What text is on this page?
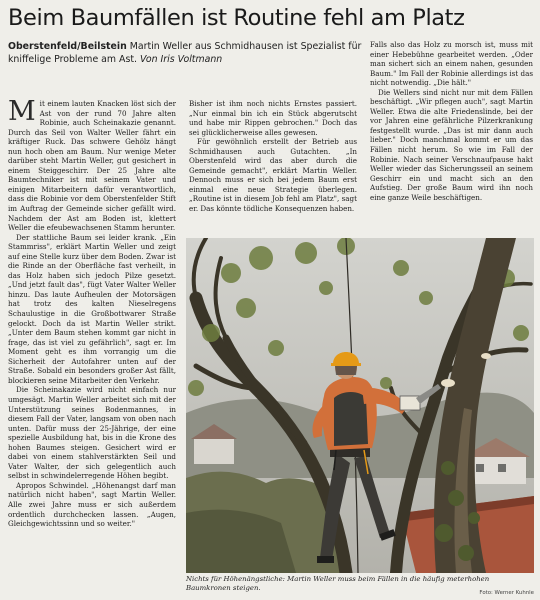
Beim Baumfällen ist Routine fehl am Platz
Oberstenfeld/Beilstein Martin Weller aus Schmidhausen ist Spezialist für kniffelige Probleme am Ast. Von Iris Voltmann

Mit einem lauten Knacken löst sich der Ast von der rund 70 Jahre alten Robinie, auch Scheinakazie genannt. Durch das Seil von Walter Weller fährt ein kräftiger Ruck. Das schwere Gehölz hängt nun hoch oben am Baum. Nur wenige Meter darüber steht Martin Weller, gut gesichert in einem Steiggeschirr. Der 25 Jahre alte Baumtechniker ist mit seinem Vater und einigen Mitarbeitern dafür verantwortlich, dass die Robinie vor dem Oberstenfelder Stift im Auftrag der Gemeinde sicher gefällt wird. Nachdem der Ast am Boden ist, klettert Weller die efeubewachsenen Stamm herunter.

Der stattliche Baum sei leider krank. „Ein Stammriss", erklärt Martin Weller und zeigt auf eine Stelle kurz über dem Boden. Zwar ist die Rinde an der Oberfläche fast verheilt, in das Holz haben sich jedoch Pilze gesetzt. „Und jetzt fault das", fügt Vater Walter Weller hinzu. Das laute Aufheulen der Motorsägen hat trotz des kalten Nieselregens Schaulustige in die Großbottwarer Straße gelockt. Doch da ist Martin Weller strikt. „Unter dem Baum stehen kommt gar nicht in frage, das ist viel zu gefährlich", sagt er. Im Moment geht es ihm vorrangig um die Sicherheit der Autofahrer unten auf der Straße. Sobald ein besonders großer Ast fällt, blockieren seine Mitarbeiter den Verkehr.

Die Scheinakazie wird nicht einfach nur umgesägt. Martin Weller arbeitet sich mit der Unterstützung seines Bodenmannes, in diesem Fall der Vater, langsam von oben nach unten. Dafür muss der 25-Jährige, der eine spezielle Ausbildung hat, bis in die Krone des hohen Baumes steigen. Gesichert wird er dabei von einem stahlverstärkten Seil und Vater Walter, der sich gelegentlich auch selbst in schwindelerregende Höhen begibt.

Apropos Schwindel. „Höhenangst darf man natürlich nicht haben", sagt Martin Weller. Alle zwei Jahre muss er sich außerdem ordentlich durchchecken lassen. „Augen, Gleichgewichtssinn und so weiter."

Bisher ist ihm noch nichts Ernstes passiert. „Nur einmal bin ich ein Stück abgerutscht und habe mir Rippen gebrochen." Doch das sei glücklicherweise alles gewesen.

Für gewöhnlich erstellt der Betrieb aus Schmidhausen auch Gutachten. „In Oberstenfeld wird das aber durch die Gemeinde gemacht", erklärt Martin Weller. Dennoch muss er sich bei jedem Baum erst einmal eine neue Strategie überlegen. „Routine ist in diesem Job fehl am Platz", sagt er. Das könnte tödliche Konsequenzen haben.

Falls also das Holz zu morsch ist, muss mit einer Hebebühne gearbeitet werden. „Oder man sichert sich an einem nahen, gesunden Baum." Im Fall der Robinie allerdings ist das nicht notwendig. „Die hält."

Die Wellers sind nicht nur mit dem Fällen beschäftigt. „Wir pflegen auch", sagt Martin Weller. Etwa die alte Friedenslinde, bei der vor Jahren eine gefährliche Pilzerkrankung festgestellt wurde. „Das ist mir dann auch lieber." Doch manchmal kommt er um das Fällen nicht herum. So wie im Fall der Robinie. Nach seiner Verschnaufpause hakt Weller wieder das Sicherungsseil an seinem Geschirr ein und macht sich an den Aufstieg. Der große Baum wird ihn noch eine ganze Weile beschäftigen.

Nichts für Höhenängstliche: Martin Weller muss beim Fällen in die häufig meterhohen Baumkronen steigen.
Foto: Werner Kuhnle
